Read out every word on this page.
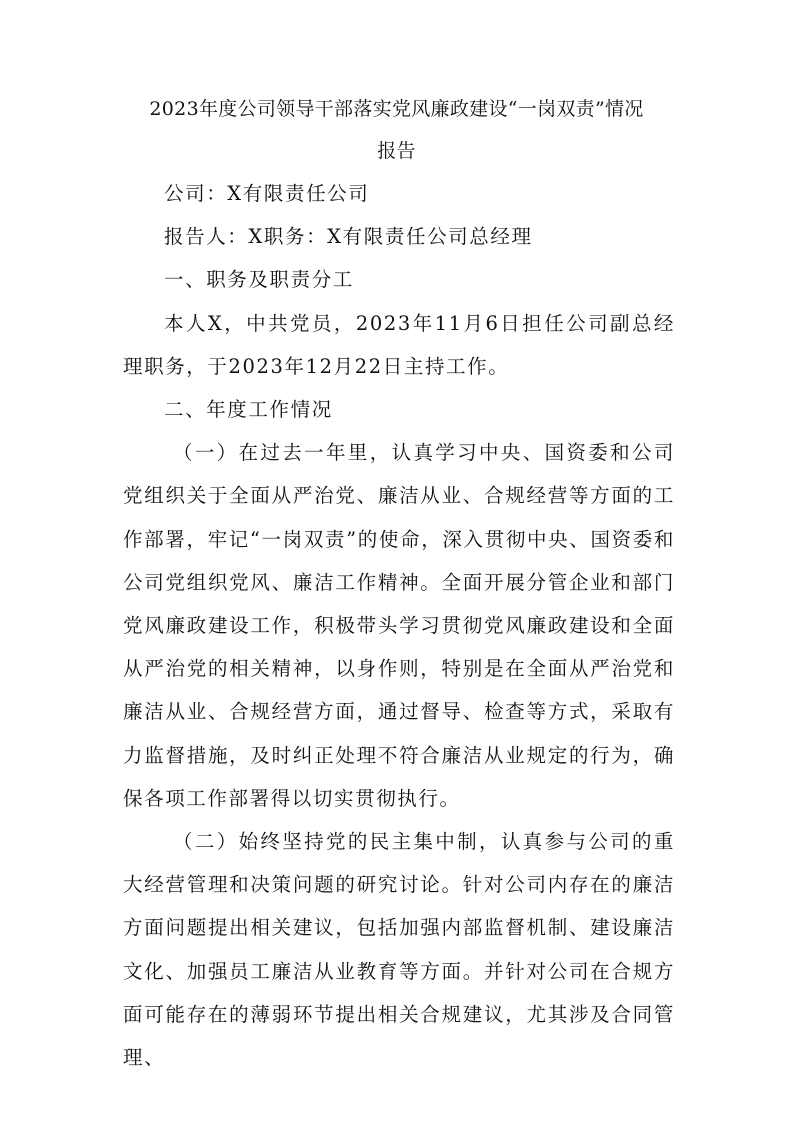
2023年度公司领导干部落实党风廉政建设“一岗双责”情况
报告

公司：X有限责任公司

报告人：X职务：X有限责任公司总经理

一、职务及职责分工

本人X，中共党员，2023年11月6日担任公司副总经理职务，于2023年12月22日主持工作。

二、年度工作情况

（一）在过去一年里，认真学习中央、国资委和公司党组织关于全面从严治党、廉洁从业、合规经营等方面的工作部署，牢记“一岗双责”的使命，深入贯彻中央、国资委和公司党组织党风、廉洁工作精神。全面开展分管企业和部门党风廉政建设工作，积极带头学习贯彻党风廉政建设和全面从严治党的相关精神，以身作则，特别是在全面从严治党和廉洁从业、合规经营方面，通过督导、检查等方式，采取有力监督措施，及时纠正处理不符合廉洁从业规定的行为，确保各项工作部署得以切实贯彻执行。

（二）始终坚持党的民主集中制，认真参与公司的重大经营管理和决策问题的研究讨论。针对公司内存在的廉洁方面问题提出相关建议，包括加强内部监督机制、建设廉洁文化、加强员工廉洁从业教育等方面。并针对公司在合规方面可能存在的薄弱环节提出相关合规建议，尤其涉及合同管理、
